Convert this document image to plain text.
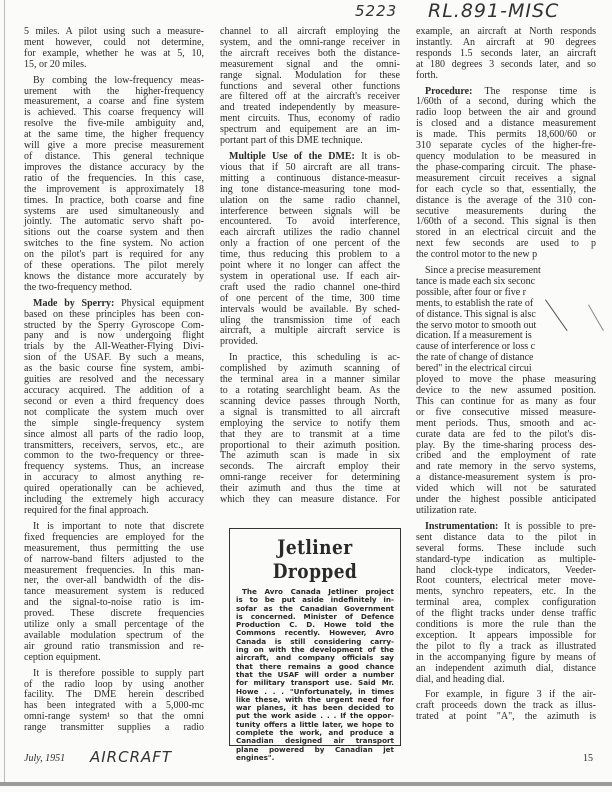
5223 RL.891-MISC
5 miles. A pilot using such a measure-
ment however, could not determine,
for example, whether he was at 5, 10,
15, or 20 miles.
By combing the low-frequency meas-
urement with the higher-frequency
measurement, a coarse and fine system
is achieved. This coarse frequency will
resolve the five-mile ambiguity and,
at the same time, the higher frequency
will give a more precise measurement
of distance. This general technique
improves the distance accuracy by the
ratio of the frequencies. In this case,
the improvement is approximately 18
times. In practice, both coarse and fine
systems are used simultaneously and
jointly. The automatic servo shaft po-
sitions out the coarse system and then
switches to the fine system. No action
on the pilot's part is required for any
of these operations. The pilot merely
knows the distance more accurately by
the two-frequency method.
Made by Sperry: Physical equipment
based on these principles has been con-
structed by the Sperry Gyroscope Com-
pany and is now undergoing flight
trials by the All-Weather-Flying Divi-
sion of the USAF. By such a means,
as the basic course fine system, ambi-
guities are resolved and the necessary
accuracy acquired. The addition of a
second or even a third frequency does
not complicate the system much over
the simple single-frequency system
since almost all parts of the radio loop,
transmitters, receivers, servos, etc., are
common to the two-frequency or three-
frequency systems. Thus, an increase
in accuracy to almost anything re-
quired operationally can be achieved,
including the extremely high accuracy
required for the final approach.
It is important to note that discrete
fixed frequencies are employed for the
measurement, thus permitting the use
of narrow-band filters adjusted to the
measurement frequencies. In this man-
ner, the over-all bandwidth of the dis-
tance measurement system is reduced
and the signal-to-noise ratio is im-
proved. These discrete frequencies
utilize only a small percentage of the
available modulation spectrum of the
air ground ratio transmission and re-
ception equipment.
It is therefore possible to supply part
of the radio loop by using another
facility. The DME herein described
has been integrated with a 5,000-mc
omni-range system¹ so that the omni
range transmitter supplies a radio
channel to all aircraft employing the
system, and the omni-range receiver in
the aircraft receives both the distance-
measurement signal and the omni-
range signal. Modulation for these
functions and several other functions
are filtered off at the aircraft's receiver
and treated independently by measure-
ment circuits. Thus, economy of radio
spectrum and equipement are an im-
portant part of this DME technique.
Multiple Use of the DME: It is ob-
vious that if 50 aircraft are all trans-
mitting a continuous distance-measur-
ing tone distance-measuring tone mod-
ulation on the same radio channel,
interference between signals will be
encountered. To avoid interference,
each aircraft utilizes the radio channel
only a fraction of one percent of the
time, thus reducing this problem to a
point where it no longer can affect the
system in operational use. If each air-
craft used the radio channel one-third
of one percent of the time, 300 time
intervals would be available. By sched-
uling the transmission time of each
aircraft, a multiple aircraft service is
provided.
In practice, this scheduling is ac-
complished by azimuth scanning of
the terminal area in a manner similar
to a rotating searchlight beam. As the
scanning device passes through North,
a signal is transmitted to all aircraft
employing the service to notify them
that they are to transmit at a time
proportional to their azimuth position.
The azimuth scan is made in six
seconds. The aircraft employ their
omni-range receiver for determining
their azimuth and thus the time at
which they can measure distance. For
example, an aircraft at North responds
instantly. An aircraft at 90 degrees
responds 1.5 seconds later, an aircraft
at 180 degrees 3 seconds later, and so
forth.
Procedure: The response time is
1/60th of a second, during which the
radio loop between the air and ground
is closed and a distance measurement
is made. This permits 18,600/60 or
310 separate cycles of the higher-fre-
quency modulation to be measured in
the phase-comparing circuit. The phase-
measurement circuit receives a signal
for each cycle so that, essentially, the
distance is the average of the 310 con-
secutive measurements during the
1/60th of a second. This signal is then
stored in an electrical circuit and the
next few seconds are used to p
the control motor to the new p
Since a precise measurement
tance is made each six seconc
possible, after four or five r
ments, to establish the rate of
of distance. This signal is alsc
the servo motor to smooth out
dication. If a measurement is
cause of interference or loss c
the rate of change of distance
bered" in the electrical circui
ployed to move the phase measuring
device to the new assumed position.
This can continue for as many as four
or five consecutive missed measure-
ment periods. Thus, smooth and ac-
curate data are fed to the pilot's dis-
play. By the time-sharing process des-
cribed and the employment of rate
and rate memory in the servo systems,
a distance-measurement system is pro-
vided which will not be saturated
under the highest possible anticipated
utilization rate.
Instrumentation: It is possible to pre-
sent distance data to the pilot in
several forms. These include such
standard-type indication as multiple-
hand clock-type indicators, Veeder-
Root counters, electrical meter move-
ments, synchro repeaters, etc. In the
terminal area, complex configuration
of the flight tracks under dense traffic
conditions is more the rule than the
exception. It appears impossible for
the pilot to fly a track as illustrated
in the accompanying figure by means of
an independent azimuth dial, distance
dial, and heading dial.
For example, in figure 3 if the air-
craft proceeds down the track as illus-
trated at point "A", the azimuth is
Jetliner Dropped
The Avro Canada Jetliner project
is to be put aside indefinitely in-
sofar as the Canadian Government
is concerned. Minister of Defence
Production C. D. Howe told the
Commons recently. However, Avro
Canada is still considering carry-
ing on with the development of the
aircraft, and company officials say
that there remains a good chance
that the USAF will order a number
for military transport use. Said Mr.
Howe . . . "Unfortunately, in times
like these, with the urgent need for
war planes, it has been decided to
put the work aside . . . If the oppor-
tunity offers a little later, we hope to
complete the work, and produce a
Canadian designed air transport
plane powered by Canadian jet
engines".
July, 1951 AIRCRAFT	15
